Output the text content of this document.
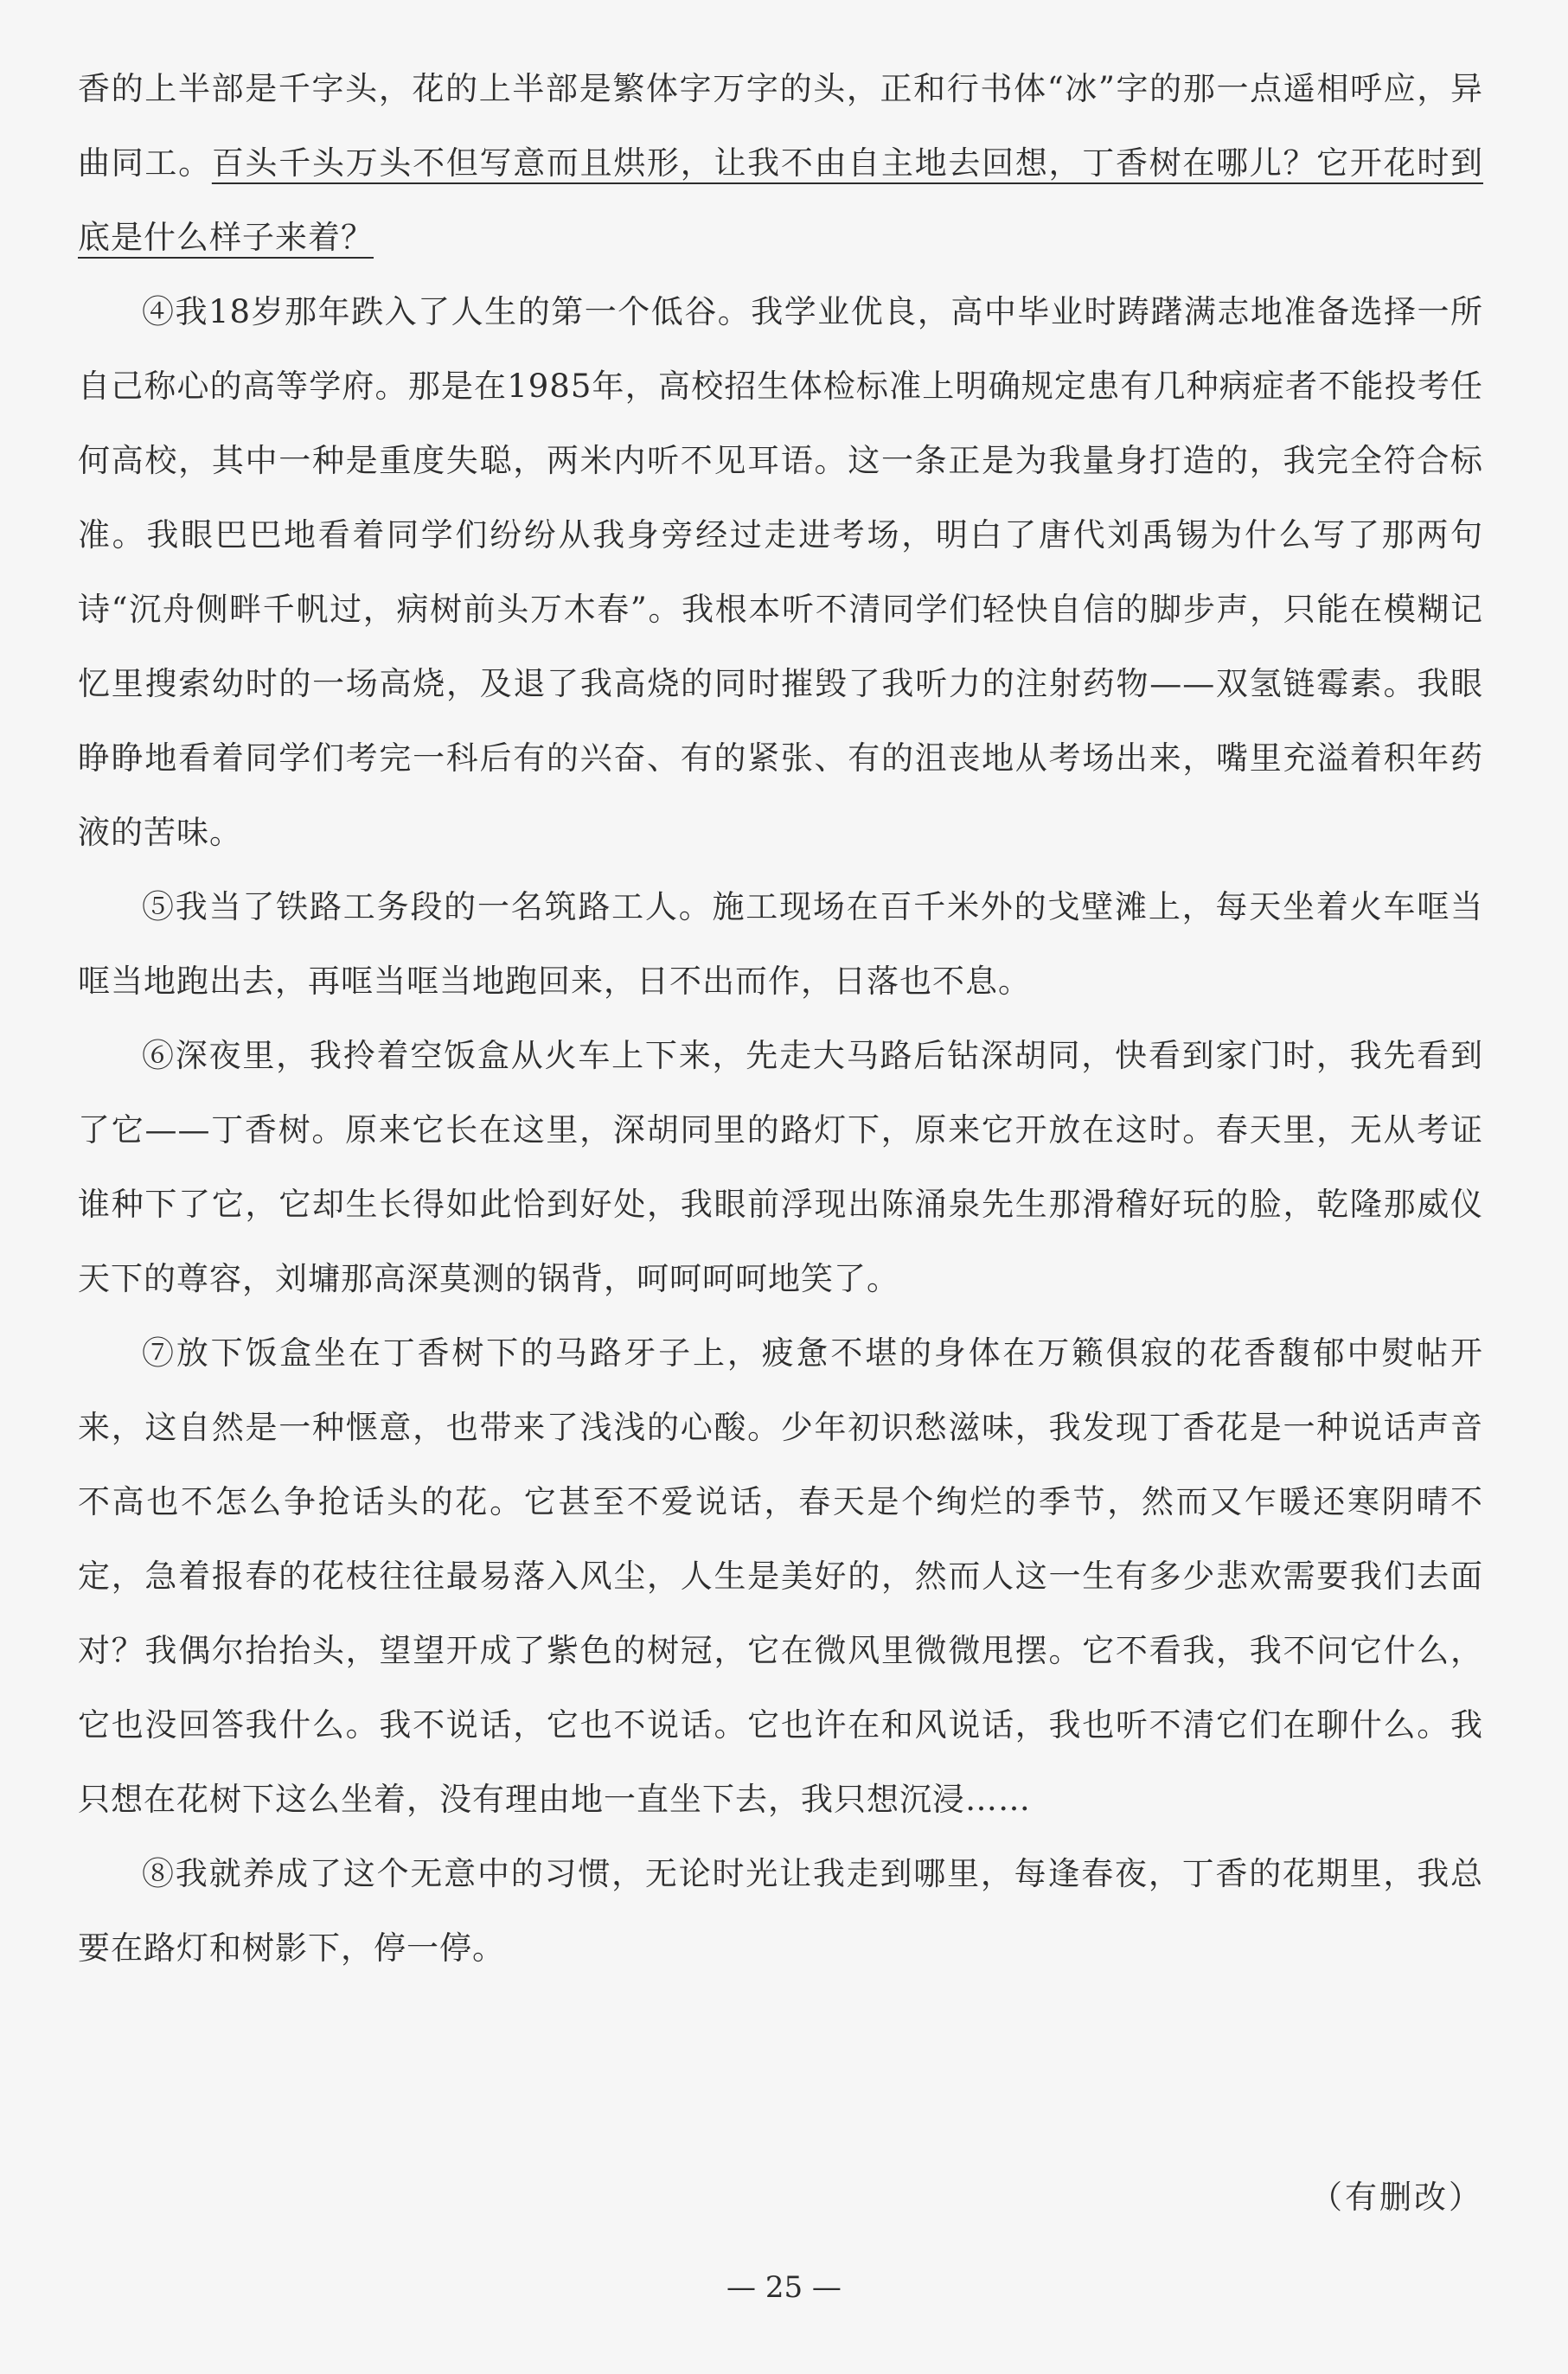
香的上半部是千字头，花的上半部是繁体字万字的头，正和行书体“冰”字的那一点遥相呼应，异曲同工。百头千头万头不但写意而且烘形，让我不由自主地去回想，丁香树在哪儿？它开花时到底是什么样子来着？

④我18岁那年跌入了人生的第一个低谷。我学业优良，高中毕业时踌躇满志地准备选择一所自己称心的高等学府。那是在1985年，高校招生体检标准上明确规定患有几种病症者不能投考任何高校，其中一种是重度失聪，两米内听不见耳语。这一条正是为我量身打造的，我完全符合标准。我眼巴巴地看着同学们纷纷从我身旁经过走进考场，明白了唐代刘禹锡为什么写了那两句诗“沉舟侧畔千帆过，病树前头万木春”。我根本听不清同学们轻快自信的脚步声，只能在模糊记忆里搜索幼时的一场高烧，及退了我高烧的同时摧毁了我听力的注射药物——双氢链霉素。我眼睁睁地看着同学们考完一科后有的兴奋、有的紧张、有的沮丧地从考场出来，嘴里充溢着积年药液的苦味。

⑤我当了铁路工务段的一名筑路工人。施工现场在百千米外的戈壁滩上，每天坐着火车哐当哐当地跑出去，再哐当哐当地跑回来，日不出而作，日落也不息。

⑥深夜里，我拎着空饭盒从火车上下来，先走大马路后钻深胡同，快看到家门时，我先看到了它——丁香树。原来它长在这里，深胡同里的路灯下，原来它开放在这时。春天里，无从考证谁种下了它，它却生长得如此恰到好处，我眼前浮现出陈涌泉先生那滑稽好玩的脸，乾隆那威仪天下的尊容，刘墉那高深莫测的锅背，呵呵呵呵地笑了。

⑦放下饭盒坐在丁香树下的马路牙子上，疲惫不堪的身体在万籁俱寂的花香馥郁中熨帖开来，这自然是一种惬意，也带来了浅浅的心酸。少年初识愁滋味，我发现丁香花是一种说话声音不高也不怎么争抢话头的花。它甚至不爱说话，春天是个绚烂的季节，然而又乍暖还寒阴晴不定，急着报春的花枝往往最易落入风尘，人生是美好的，然而人这一生有多少悲欢需要我们去面对？我偶尔抬抬头，望望开成了紫色的树冠，它在微风里微微甩摆。它不看我，我不问它什么，它也没回答我什么。我不说话，它也不说话。它也许在和风说话，我也听不清它们在聊什么。我只想在花树下这么坐着，没有理由地一直坐下去，我只想沉浸……

⑧我就养成了这个无意中的习惯，无论时光让我走到哪里，每逢春夜，丁香的花期里，我总要在路灯和树影下，停一停。

（有删改）
— 25 —
